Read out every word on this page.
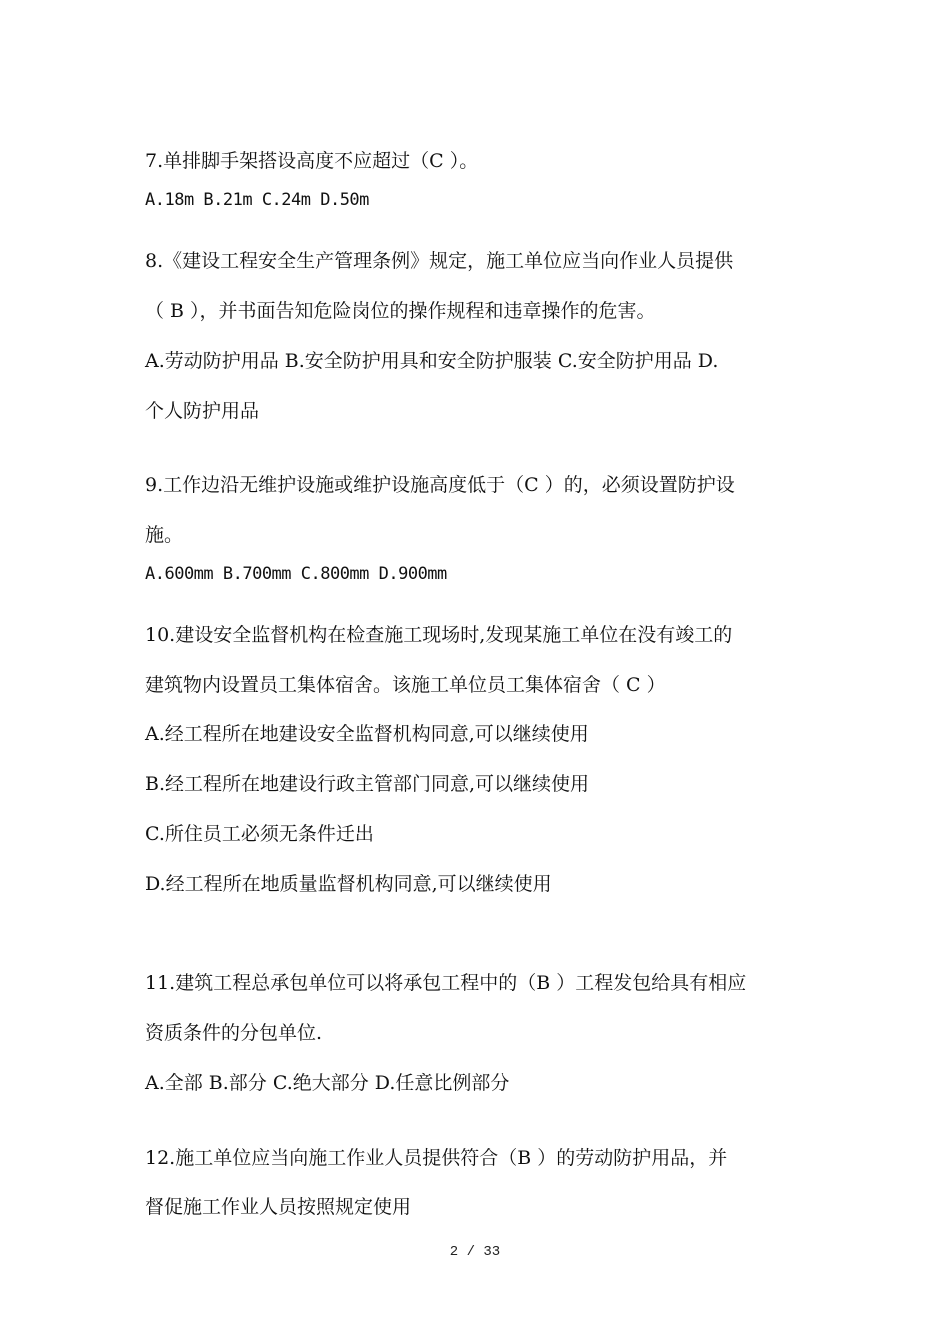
7.单排脚手架搭设高度不应超过（C ）。

A.18m B.21m C.24m D.50m

8.《建设工程安全生产管理条例》规定，施工单位应当向作业人员提供

（ B ），并书面告知危险岗位的操作规程和违章操作的危害。

A.劳动防护用品 B.安全防护用具和安全防护服装 C.安全防护用品 D.

个人防护用品

9.工作边沿无维护设施或维护设施高度低于（C ）的，必须设置防护设

施。

A.600mm B.700mm C.800mm D.900mm

10.建设安全监督机构在检查施工现场时,发现某施工单位在没有竣工的

建筑物内设置员工集体宿舍。该施工单位员工集体宿舍（ C ）

A.经工程所在地建设安全监督机构同意,可以继续使用

B.经工程所在地建设行政主管部门同意,可以继续使用

C.所住员工必须无条件迁出

D.经工程所在地质量监督机构同意,可以继续使用

11.建筑工程总承包单位可以将承包工程中的（B ）工程发包给具有相应

资质条件的分包单位.

A.全部 B.部分 C.绝大部分 D.任意比例部分

12.施工单位应当向施工作业人员提供符合（B ）的劳动防护用品，并

督促施工作业人员按照规定使用

2 / 33
